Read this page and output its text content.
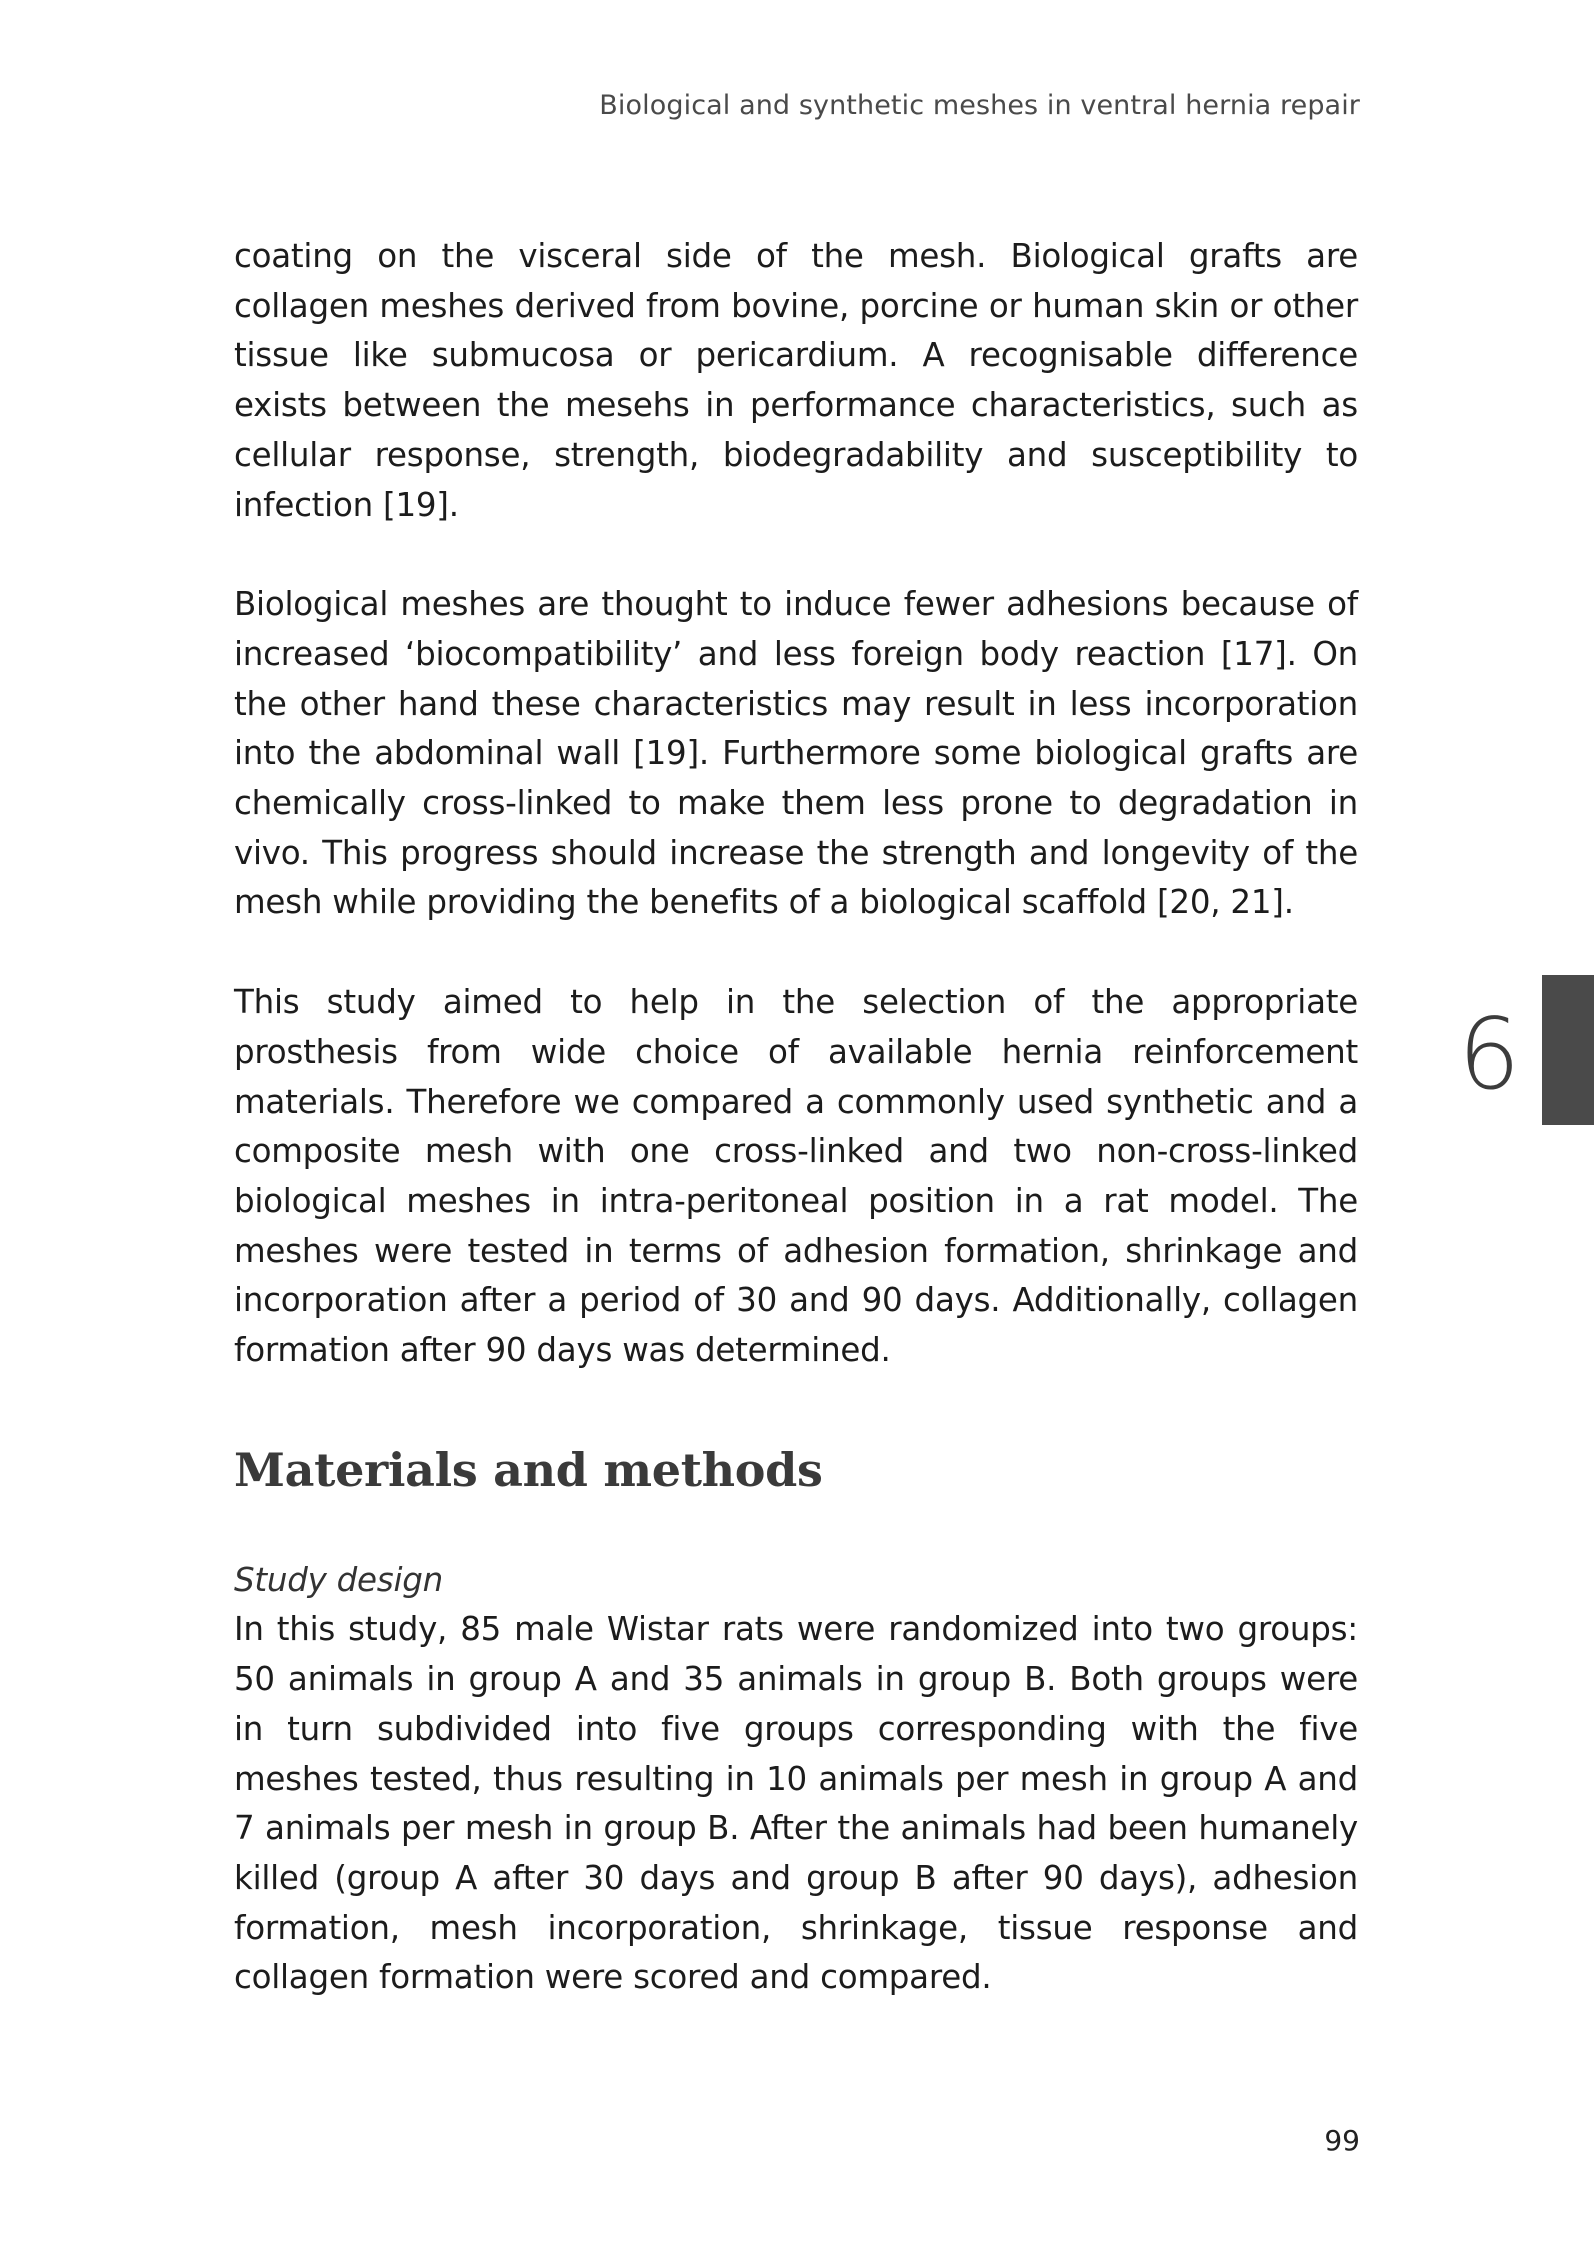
Biological and synthetic meshes in ventral hernia repair

coating on the visceral side of the mesh. Biological grafts are collagen meshes derived from bovine, porcine or human skin or other tissue like submucosa or pericardium. A recognisable difference exists between the mesehs in performance characteristics, such as cellular response, strength, biodegradability and susceptibility to infection [19].

Biological meshes are thought to induce fewer adhesions because of increased ‘biocompatibility’ and less foreign body reaction [17]. On the other hand these characteristics may result in less incorporation into the abdominal wall [19]. Furthermore some biological grafts are chemically cross-linked to make them less prone to degradation in vivo. This progress should increase the strength and longevity of the mesh while providing the benefits of a biological scaffold [20, 21].

This study aimed to help in the selection of the appropriate prosthesis from wide choice of available hernia reinforcement materials. Therefore we compared a commonly used synthetic and a composite mesh with one cross-linked and two non-cross-linked biological meshes in intra-peritoneal position in a rat model. The meshes were tested in terms of adhesion formation, shrinkage and incorporation after a period of 30 and 90 days. Additionally, collagen formation after 90 days was determined.

Materials and methods
Study design

In this study, 85 male Wistar rats were randomized into two groups: 50 animals in group A and 35 animals in group B. Both groups were in turn subdivided into five groups corresponding with the five meshes tested, thus resulting in 10 animals per mesh in group A and 7 animals per mesh in group B. After the animals had been humanely killed (group A after 30 days and group B after 90 days), adhesion formation, mesh incorporation, shrinkage, tissue response and collagen formation were scored and compared.

6
99
